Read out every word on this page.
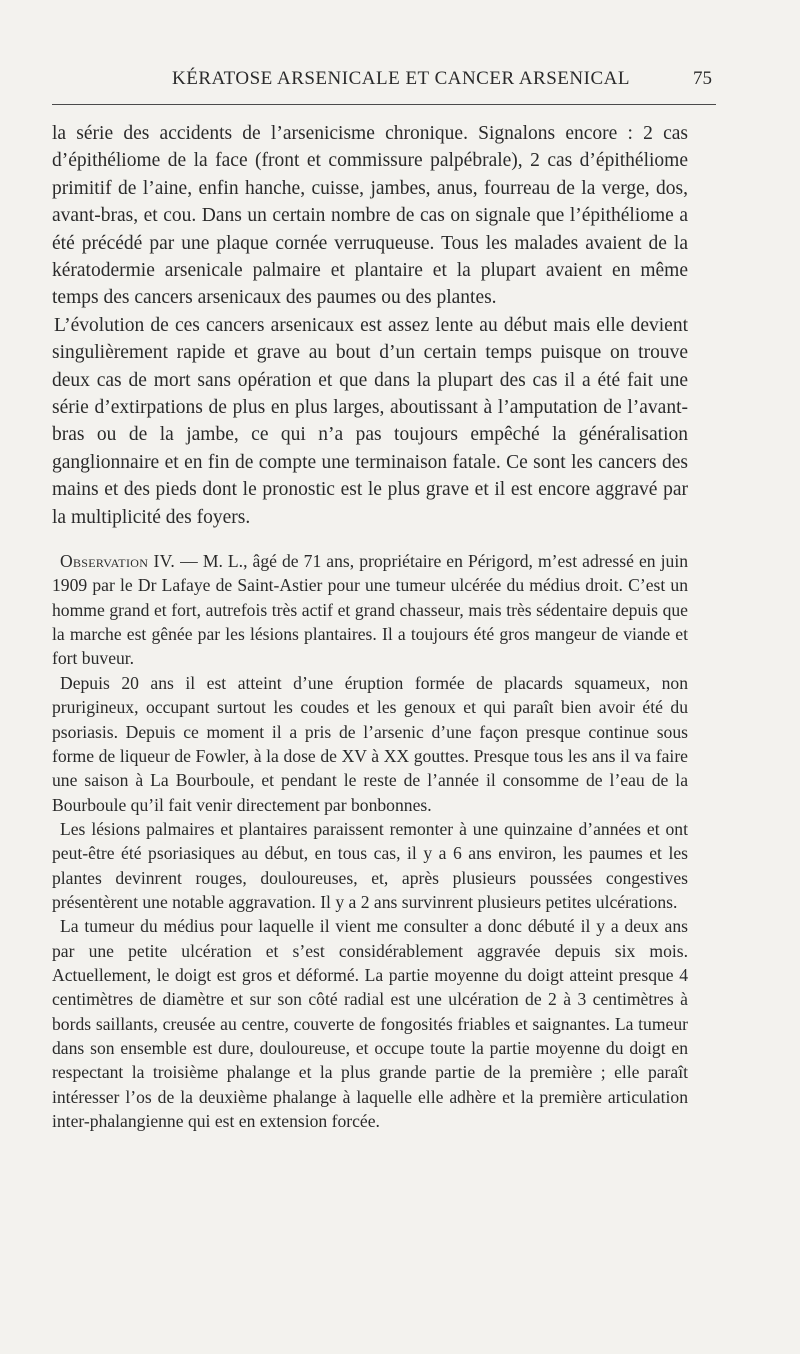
KÉRATOSE ARSENICALE ET CANCER ARSENICAL	75

la série des accidents de l’arsenicisme chronique. Signalons encore : 2 cas d’épithéliome de la face (front et commissure palpébrale), 2 cas d’épithéliome primitif de l’aine, enfin hanche, cuisse, jambes, anus, fourreau de la verge, dos, avant-bras, et cou. Dans un certain nombre de cas on signale que l’épithéliome a été précédé par une plaque cornée verruqueuse. Tous les malades avaient de la kératodermie arsenicale palmaire et plantaire et la plupart avaient en même temps des cancers arsenicaux des paumes ou des plantes.

L’évolution de ces cancers arsenicaux est assez lente au début mais elle devient singulièrement rapide et grave au bout d’un certain temps puisque on trouve deux cas de mort sans opération et que dans la plupart des cas il a été fait une série d’extirpations de plus en plus larges, aboutissant à l’amputation de l’avant-bras ou de la jambe, ce qui n’a pas toujours empêché la généralisation ganglionnaire et en fin de compte une terminaison fatale. Ce sont les cancers des mains et des pieds dont le pronostic est le plus grave et il est encore aggravé par la multiplicité des foyers.

Observation IV. — M. L., âgé de 71 ans, propriétaire en Périgord, m’est adressé en juin 1909 par le Dr Lafaye de Saint-Astier pour une tumeur ulcérée du médius droit. C’est un homme grand et fort, autrefois très actif et grand chasseur, mais très sédentaire depuis que la marche est gênée par les lésions plantaires. Il a toujours été gros mangeur de viande et fort buveur.

Depuis 20 ans il est atteint d’une éruption formée de placards squameux, non prurigineux, occupant surtout les coudes et les genoux et qui paraît bien avoir été du psoriasis. Depuis ce moment il a pris de l’arsenic d’une façon presque continue sous forme de liqueur de Fowler, à la dose de XV à XX gouttes. Presque tous les ans il va faire une saison à La Bourboule, et pendant le reste de l’année il consomme de l’eau de la Bourboule qu’il fait venir directement par bonbonnes.

Les lésions palmaires et plantaires paraissent remonter à une quinzaine d’années et ont peut-être été psoriasiques au début, en tous cas, il y a 6 ans environ, les paumes et les plantes devinrent rouges, douloureuses, et, après plusieurs poussées congestives présentèrent une notable aggravation. Il y a 2 ans survinrent plusieurs petites ulcérations.

La tumeur du médius pour laquelle il vient me consulter a donc débuté il y a deux ans par une petite ulcération et s’est considérablement aggravée depuis six mois. Actuellement, le doigt est gros et déformé. La partie moyenne du doigt atteint presque 4 centimètres de diamètre et sur son côté radial est une ulcération de 2 à 3 centimètres à bords saillants, creusée au centre, couverte de fongosités friables et saignantes. La tumeur dans son ensemble est dure, douloureuse, et occupe toute la partie moyenne du doigt en respectant la troisième phalange et la plus grande partie de la première ; elle paraît intéresser l’os de la deuxième phalange à laquelle elle adhère et la première articulation inter-phalangienne qui est en extension forcée.
